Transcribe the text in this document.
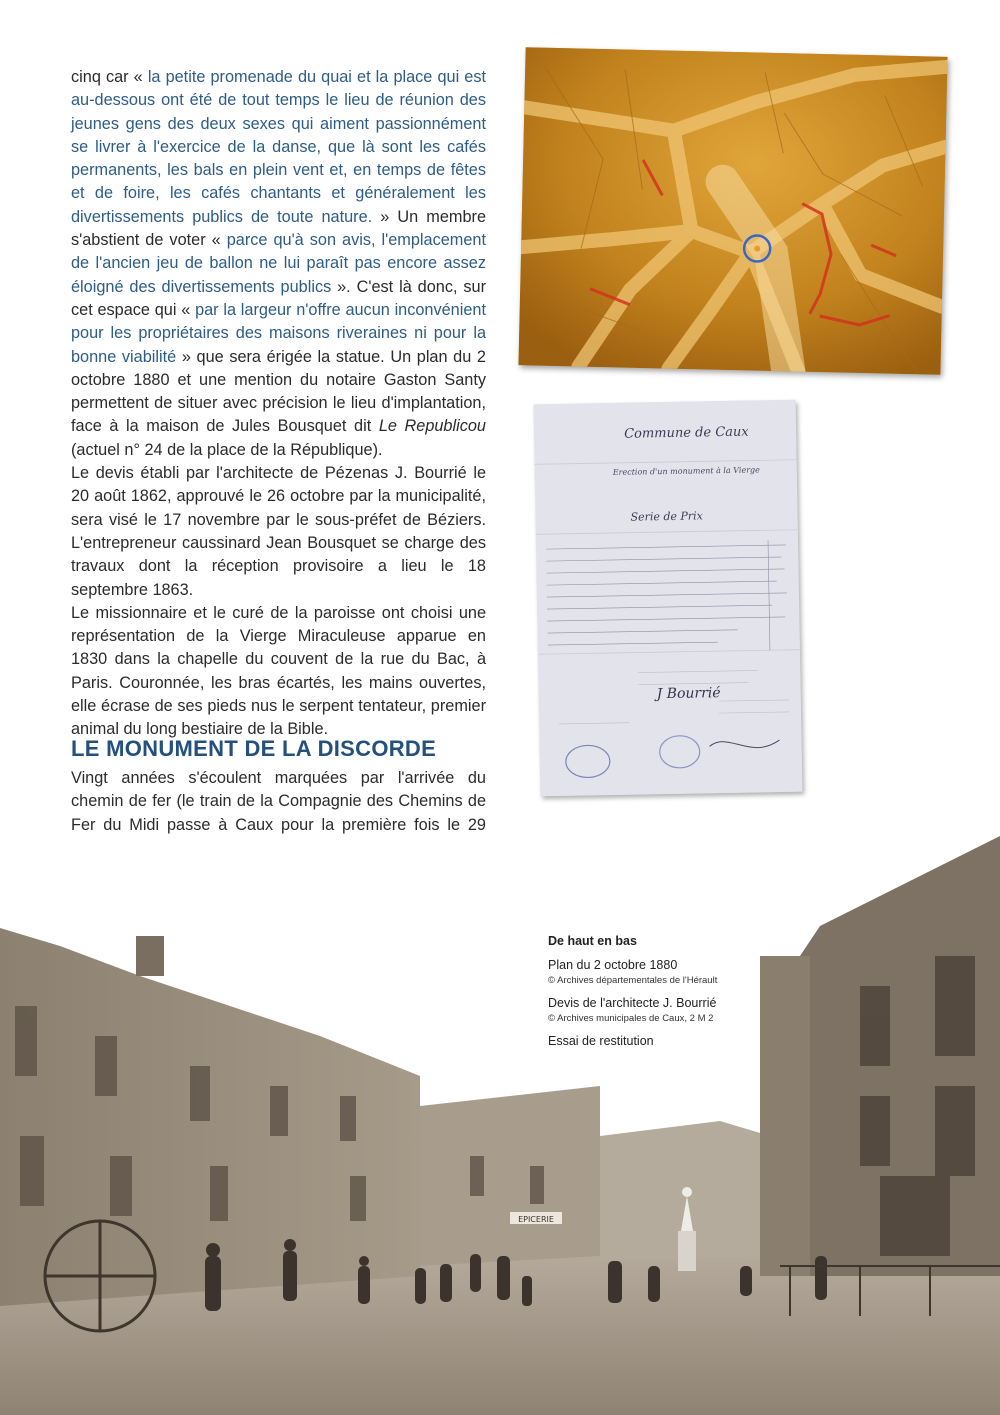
cinq car « la petite promenade du quai et la place qui est au-dessous ont été de tout temps le lieu de réunion des jeunes gens des deux sexes qui aiment passionnément se livrer à l'exercice de la danse, que là sont les cafés permanents, les bals en plein vent et, en temps de fêtes et de foire, les cafés chantants et généralement les divertissements publics de toute nature. » Un membre s'abstient de voter « parce qu'à son avis, l'emplacement de l'ancien jeu de ballon ne lui paraît pas encore assez éloigné des divertissements publics ». C'est là donc, sur cet espace qui « par la largeur n'offre aucun inconvénient pour les propriétaires des maisons riveraines ni pour la bonne viabilité » que sera érigée la statue. Un plan du 2 octobre 1880 et une mention du notaire Gaston Santy permettent de situer avec précision le lieu d'implantation, face à la maison de Jules Bousquet dit Le Republicou (actuel n° 24 de la place de la République).

Le devis établi par l'architecte de Pézenas J. Bourrié le 20 août 1862, approuvé le 26 octobre par la municipalité, sera visé le 17 novembre par le sous-préfet de Béziers. L'entrepreneur caussinard Jean Bousquet se charge des travaux dont la réception provisoire a lieu le 18 septembre 1863.

Le missionnaire et le curé de la paroisse ont choisi une représentation de la Vierge Miraculeuse apparue en 1830 dans la chapelle du couvent de la rue du Bac, à Paris. Couronnée, les bras écartés, les mains ouvertes, elle écrase de ses pieds nus le serpent tentateur, premier animal du long bestiaire de la Bible.

LE MONUMENT DE LA DISCORDE

Vingt années s'écoulent marquées par l'arrivée du chemin de fer (le train de la Compagnie des Chemins de Fer du Midi passe à Caux pour la première fois le 29

Commune de Caux
Erection d'un monument à la Vierge
Serie de Prix
J Bourrié
EPICERIE

De haut en bas

Plan du 2 octobre 1880

© Archives départementales de l'Hérault

Devis de l'architecte J. Bourrié

© Archives municipales de Caux, 2 M 2

Essai de restitution
